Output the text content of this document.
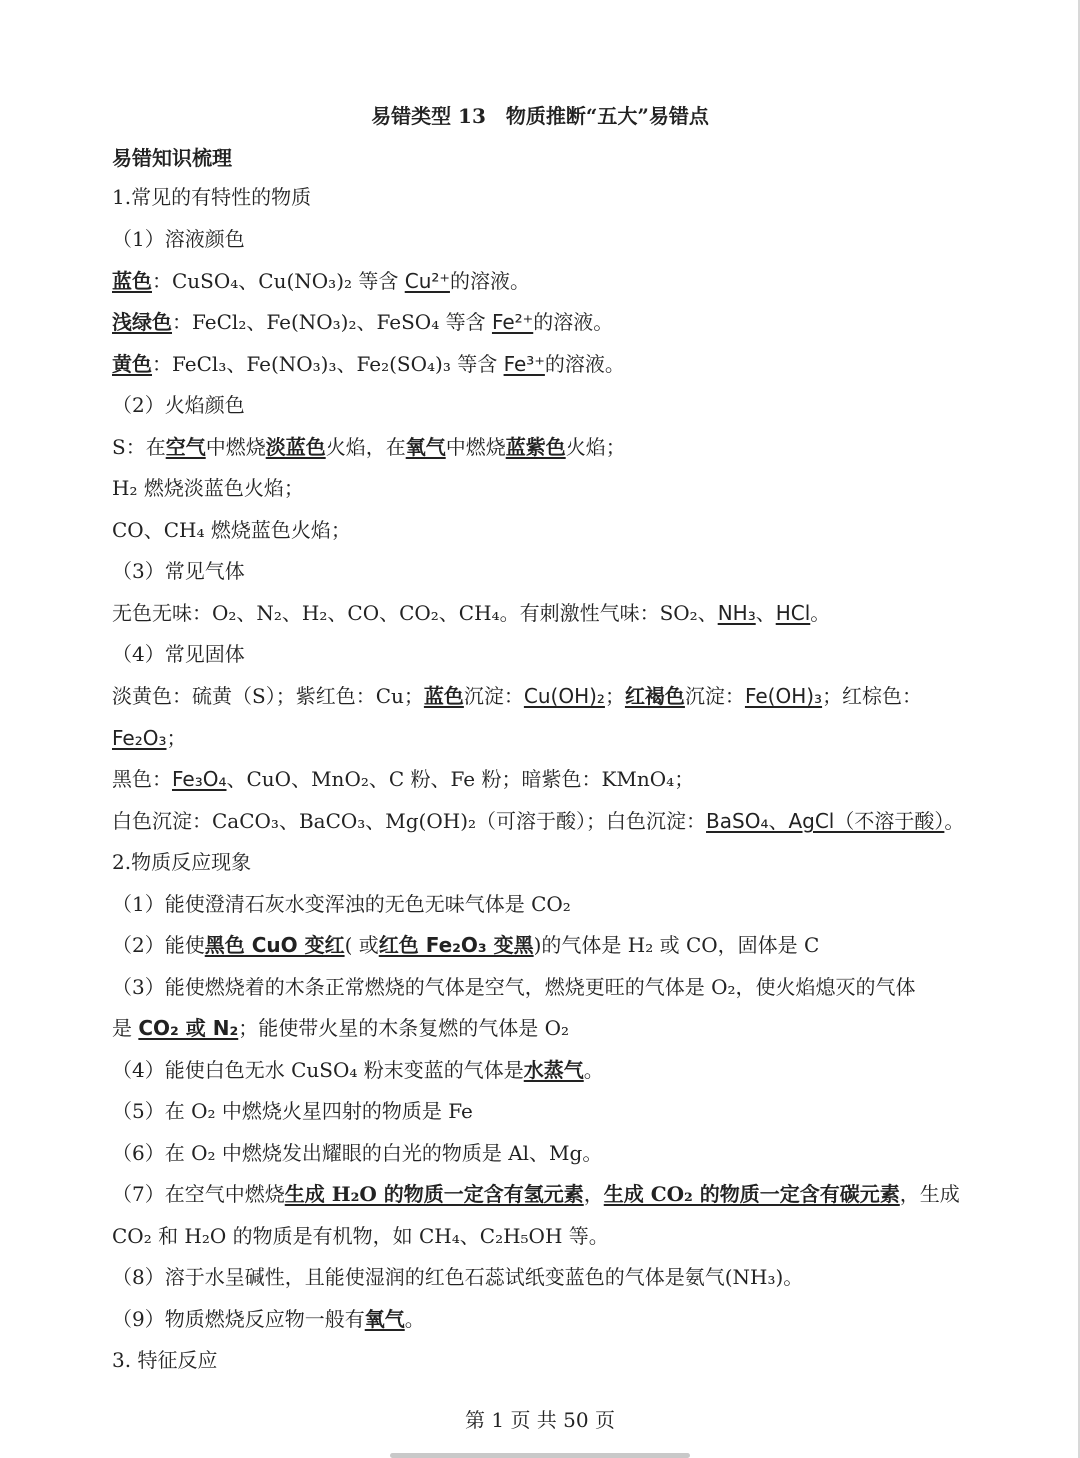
易错类型 13　物质推断“五大”易错点
易错知识梳理
1.常见的有特性的物质
（1）溶液颜色
蓝色：CuSO₄、Cu(NO₃)₂ 等含 Cu²⁺的溶液。
浅绿色：FeCl₂、Fe(NO₃)₂、FeSO₄ 等含 Fe²⁺的溶液。
黄色：FeCl₃、Fe(NO₃)₃、Fe₂(SO₄)₃ 等含 Fe³⁺的溶液。
（2）火焰颜色
S：在空气中燃烧淡蓝色火焰，在氧气中燃烧蓝紫色火焰；
H₂ 燃烧淡蓝色火焰；
CO、CH₄ 燃烧蓝色火焰；
（3）常见气体
无色无味：O₂、N₂、H₂、CO、CO₂、CH₄。有刺激性气味：SO₂、NH₃、HCl。
（4）常见固体
淡黄色：硫黄（S）；紫红色：Cu；蓝色沉淀：Cu(OH)₂；红褐色沉淀：Fe(OH)₃；红棕色：
Fe₂O₃；
黑色：Fe₃O₄、CuO、MnO₂、C 粉、Fe 粉；暗紫色：KMnO₄；
白色沉淀：CaCO₃、BaCO₃、Mg(OH)₂（可溶于酸）；白色沉淀：BaSO₄、AgCl（不溶于酸）。
2.物质反应现象
（1）能使澄清石灰水变浑浊的无色无味气体是 CO₂
（2）能使黑色 CuO 变红( 或红色 Fe₂O₃ 变黑)的气体是 H₂ 或 CO，固体是 C
（3）能使燃烧着的木条正常燃烧的气体是空气，燃烧更旺的气体是 O₂，使火焰熄灭的气体
是 CO₂ 或 N₂；能使带火星的木条复燃的气体是 O₂
（4）能使白色无水 CuSO₄ 粉末变蓝的气体是水蒸气。
（5）在 O₂ 中燃烧火星四射的物质是 Fe
（6）在 O₂ 中燃烧发出耀眼的白光的物质是 Al、Mg。
（7）在空气中燃烧生成 H₂O 的物质一定含有氢元素，生成 CO₂ 的物质一定含有碳元素，生成
CO₂ 和 H₂O 的物质是有机物，如 CH₄、C₂H₅OH 等。
（8）溶于水呈碱性，且能使湿润的红色石蕊试纸变蓝色的气体是氨气(NH₃)。
（9）物质燃烧反应物一般有氧气。
3. 特征反应
第 1 页 共 50 页
